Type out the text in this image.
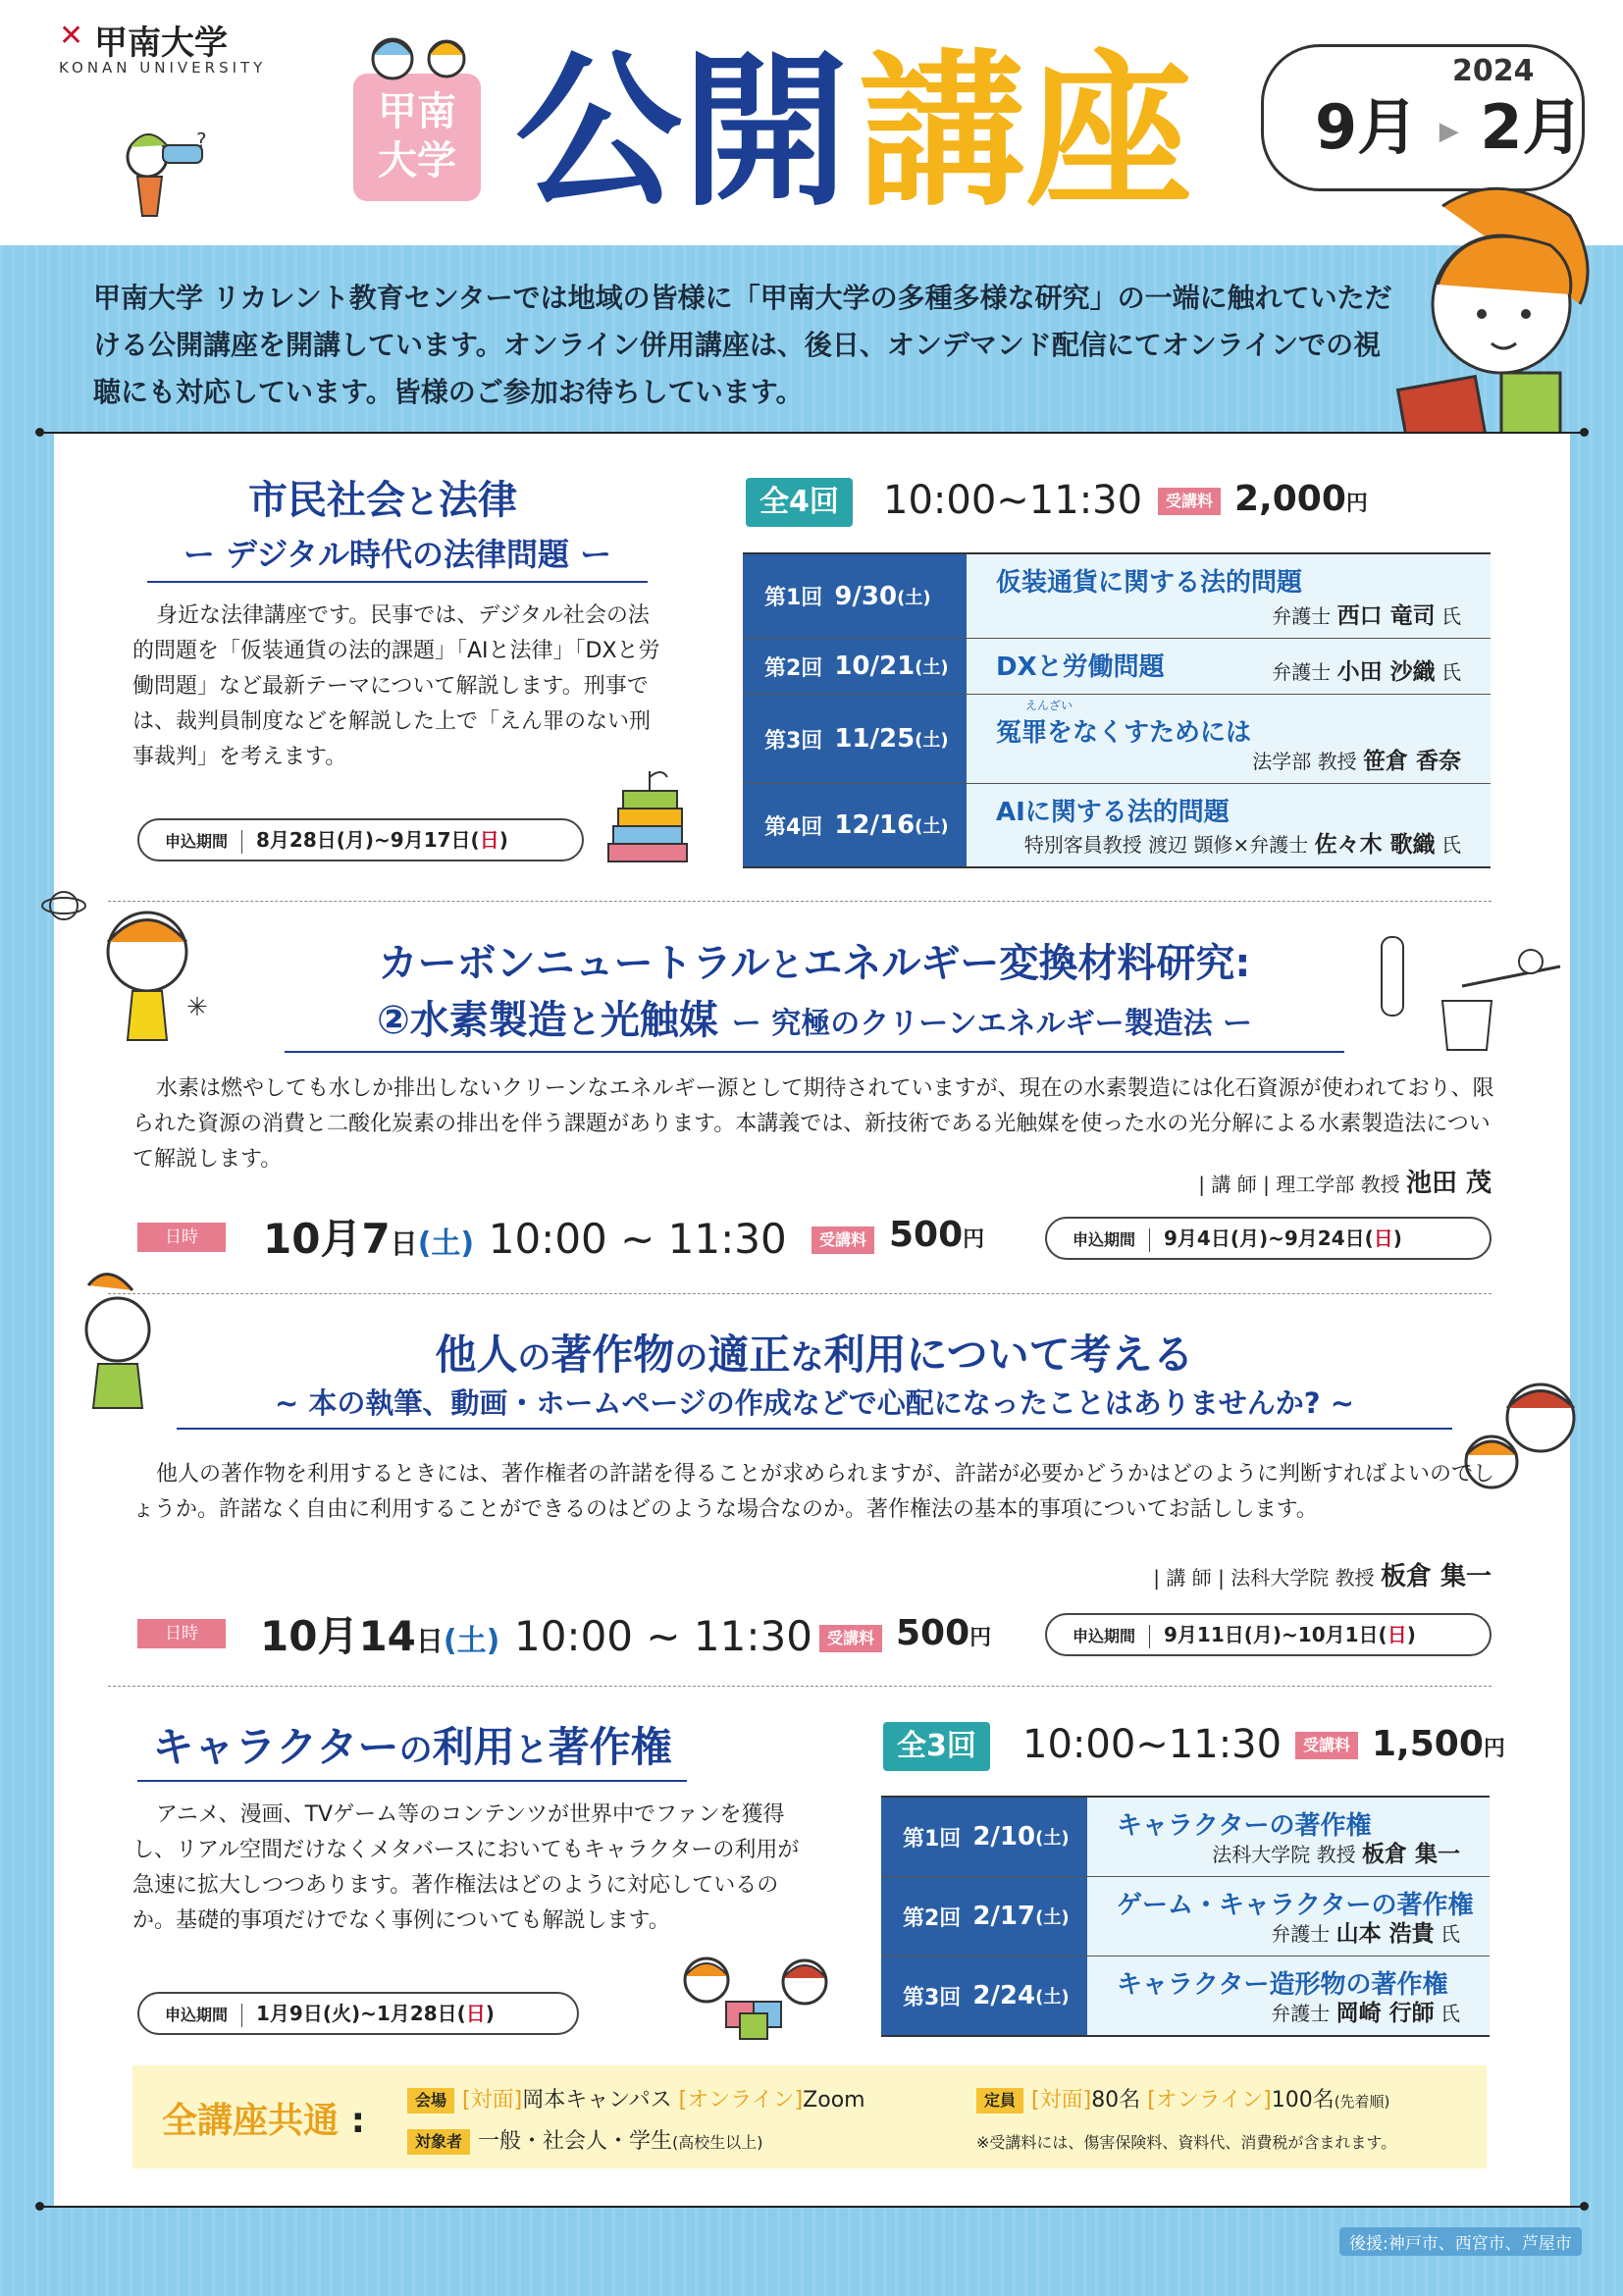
✕ 甲南大学
KONAN UNIVERSITY
?
甲南
大学 公開 講座	2024
9月 ▶ 2月
甲南大学 リカレント教育センターでは地域の皆様に「甲南大学の多種多様な研究」の一端に触れていただける公開講座を開講しています。オンライン併用講座は、後日、オンデマンド配信にてオンラインでの視聴にも対応しています。皆様のご参加お待ちしています。
市民社会と法律
ー デジタル時代の法律問題 ー
身近な法律講座です。民事では、デジタル社会の法的問題を「仮装通貨の法的課題」「AIと法律」「DXと労働問題」など最新テーマについて解説します。刑事では、裁判員制度などを解説した上で「えん罪のない刑事裁判」を考えます。
申込期間 8月28日(月)~9月17日(日)
全4回	10:00~11:30	受講料 2,000円
第1回 9/30 (土)	仮装通貨に関する法的問題
弁護士 西口 竜司 氏
第2回 10/21 (土) DXと労働問題	弁護士 小田 沙織 氏
第3回 11/25 (土)
えんざい
冤罪をなくすためには
法学部 教授 笹倉 香奈
第4回 12/16 (土) AIに関する法的問題
特別客員教授 渡辺 顗修×弁護士 佐々木 歌織 氏
✳
カーボンニュートラルとエネルギー変換材料研究:
②水素製造と光触媒 ー 究極のクリーンエネルギー製造法 ー
水素は燃やしても水しか排出しないクリーンなエネルギー源として期待されていますが、現在の水素製造には化石資源が使われており、限られた資源の消費と二酸化炭素の排出を伴う課題があります。本講義では、新技術である光触媒を使った水の光分解による水素製造法について解説します。
| 講 師 | 理工学部 教授 池田 茂
日時	10月7日(土) 10:00 ~ 11:30	受講料 500円	申込期間 9月4日(月)~9月24日(日)
他人の著作物の適正な利用について考える
~ 本の執筆、動画・ホームページの作成などで心配になったことはありませんか? ~
他人の著作物を利用するときには、著作権者の許諾を得ることが求められますが、許諾が必要かどうかはどのように判断すればよいのでしょうか。許諾なく自由に利用することができるのはどのような場合なのか。著作権法の基本的事項についてお話しします。
| 講 師 | 法科大学院 教授 板倉 集一
日時	10月14日(土) 10:00 ~ 11:30 受講料 500円	申込期間 9月11日(月)~10月1日(日)
キャラクターの利用と著作権
アニメ、漫画、TVゲーム等のコンテンツが世界中でファンを獲得し、リアル空間だけなくメタバースにおいてもキャラクターの利用が急速に拡大しつつあります。著作権法はどのように対応しているのか。基礎的事項だけでなく事例についても解説します。
申込期間 1月9日(火)~1月28日(日)
全3回	10:00~11:30	受講料 1,500円
第1回 2/10 (土) キャラクターの著作権
法科大学院 教授 板倉 集一
第2回 2/17 (土) ゲーム・キャラクターの著作権
弁護士 山本 浩貴 氏
第3回 2/24 (土) キャラクター造形物の著作権
弁護士 岡崎 行師 氏
全講座共通 :
会場 [対面]岡本キャンパス [オンライン]Zoom
対象者 一般・社会人・学生(高校生以上)
定員 [対面]80名 [オンライン]100名(先着順)
※受講料には、傷害保険料、資料代、消費税が含まれます。
後援:神戸市、西宮市、芦屋市
